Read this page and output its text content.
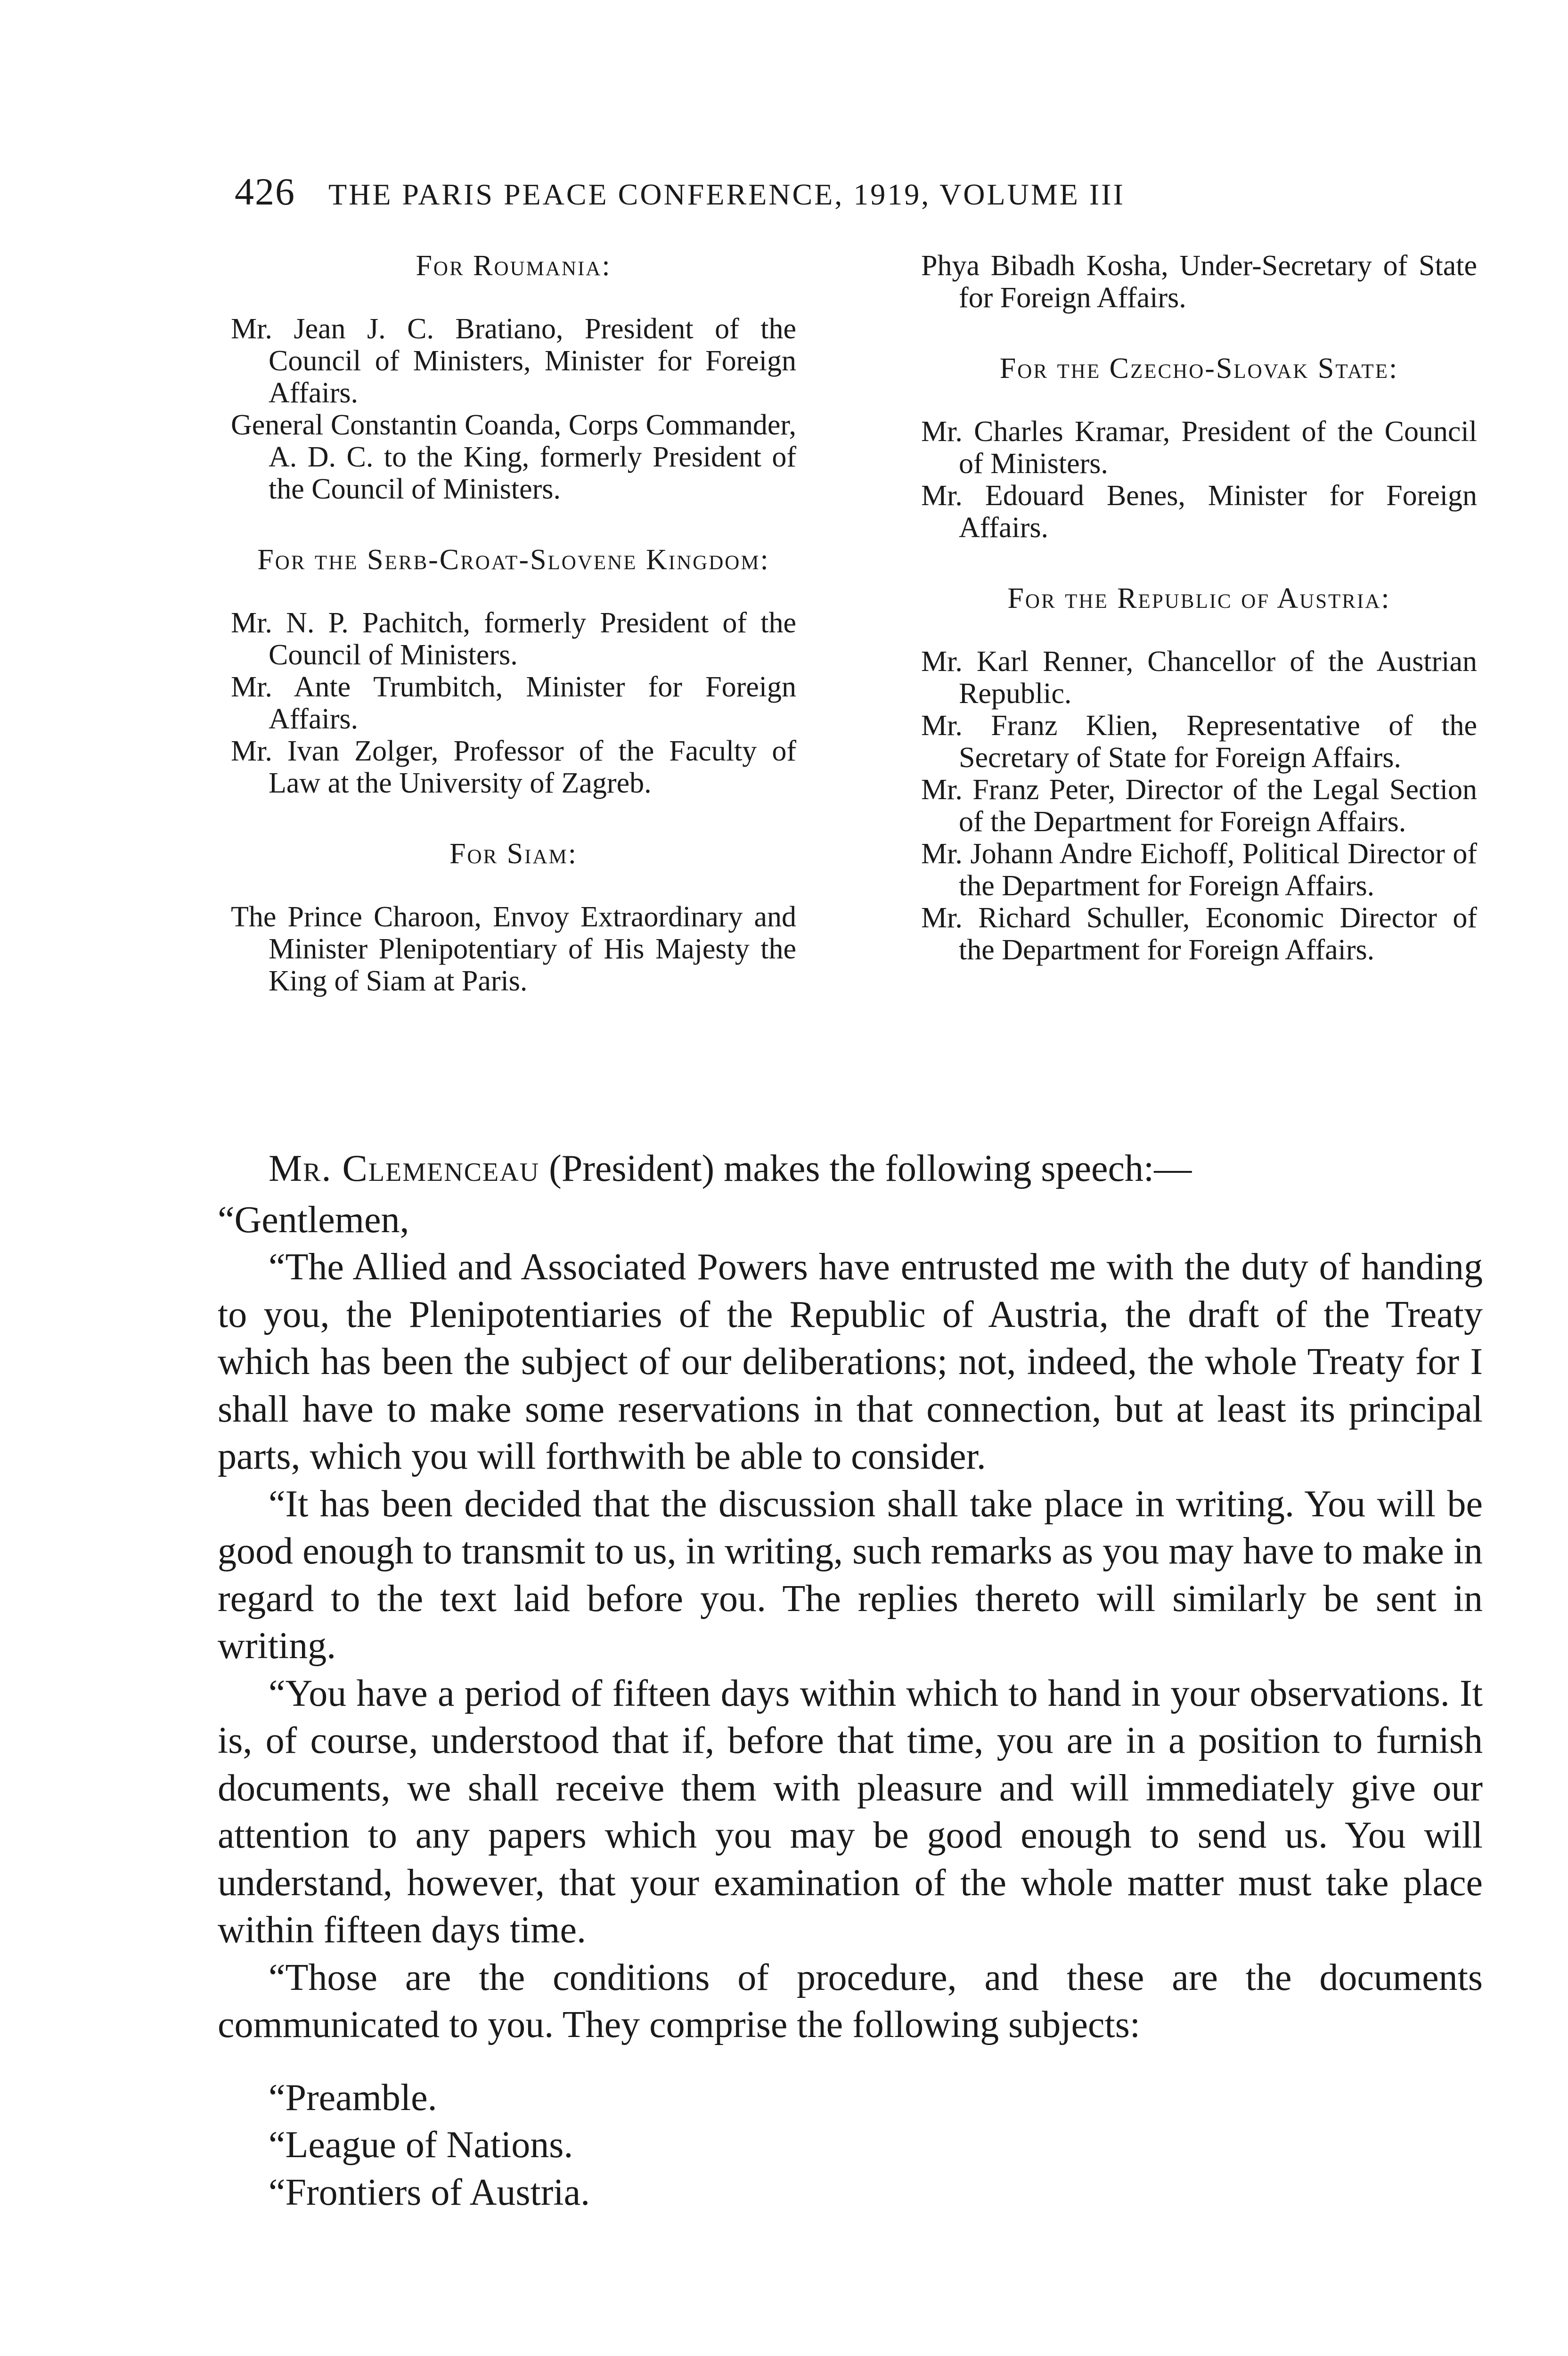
426 THE PARIS PEACE CONFERENCE, 1919, VOLUME III

For Roumania:

Mr. Jean J. C. Bratiano, President of the Council of Ministers, Minister for Foreign Affairs.
General Constantin Coanda, Corps Commander, A. D. C. to the King, formerly President of the Council of Ministers.

For the Serb-Croat-Slovene Kingdom:

Mr. N. P. Pachitch, formerly President of the Council of Ministers.
Mr. Ante Trumbitch, Minister for Foreign Affairs.
Mr. Ivan Zolger, Professor of the Faculty of Law at the University of Zagreb.

For Siam:

The Prince Charoon, Envoy Extraordinary and Minister Plenipotentiary of His Majesty the King of Siam at Paris.
Phya Bibadh Kosha, Under-Secretary of State for Foreign Affairs.

For the Czecho-Slovak State:

Mr. Charles Kramar, President of the Council of Ministers.
Mr. Edouard Benes, Minister for Foreign Affairs.

For the Republic of Austria:

Mr. Karl Renner, Chancellor of the Austrian Republic.
Mr. Franz Klien, Representative of the Secretary of State for Foreign Affairs.
Mr. Franz Peter, Director of the Legal Section of the Department for Foreign Affairs.
Mr. Johann Andre Eichoff, Political Director of the Department for Foreign Affairs.
Mr. Richard Schuller, Economic Director of the Department for Foreign Affairs.

Mr. Clemenceau (President) makes the following speech:—

“Gentlemen,

“The Allied and Associated Powers have entrusted me with the duty of handing to you, the Plenipotentiaries of the Republic of Austria, the draft of the Treaty which has been the subject of our deliberations; not, indeed, the whole Treaty for I shall have to make some reservations in that connection, but at least its principal parts, which you will forthwith be able to consider.

“It has been decided that the discussion shall take place in writing. You will be good enough to transmit to us, in writing, such remarks as you may have to make in regard to the text laid before you. The replies thereto will similarly be sent in writing.

“You have a period of fifteen days within which to hand in your observations. It is, of course, understood that if, before that time, you are in a position to furnish documents, we shall receive them with pleasure and will immediately give our attention to any papers which you may be good enough to send us. You will understand, however, that your examination of the whole matter must take place within fifteen days time.

“Those are the conditions of procedure, and these are the documents communicated to you. They comprise the following subjects:

“Preamble.
“League of Nations.
“Frontiers of Austria.
